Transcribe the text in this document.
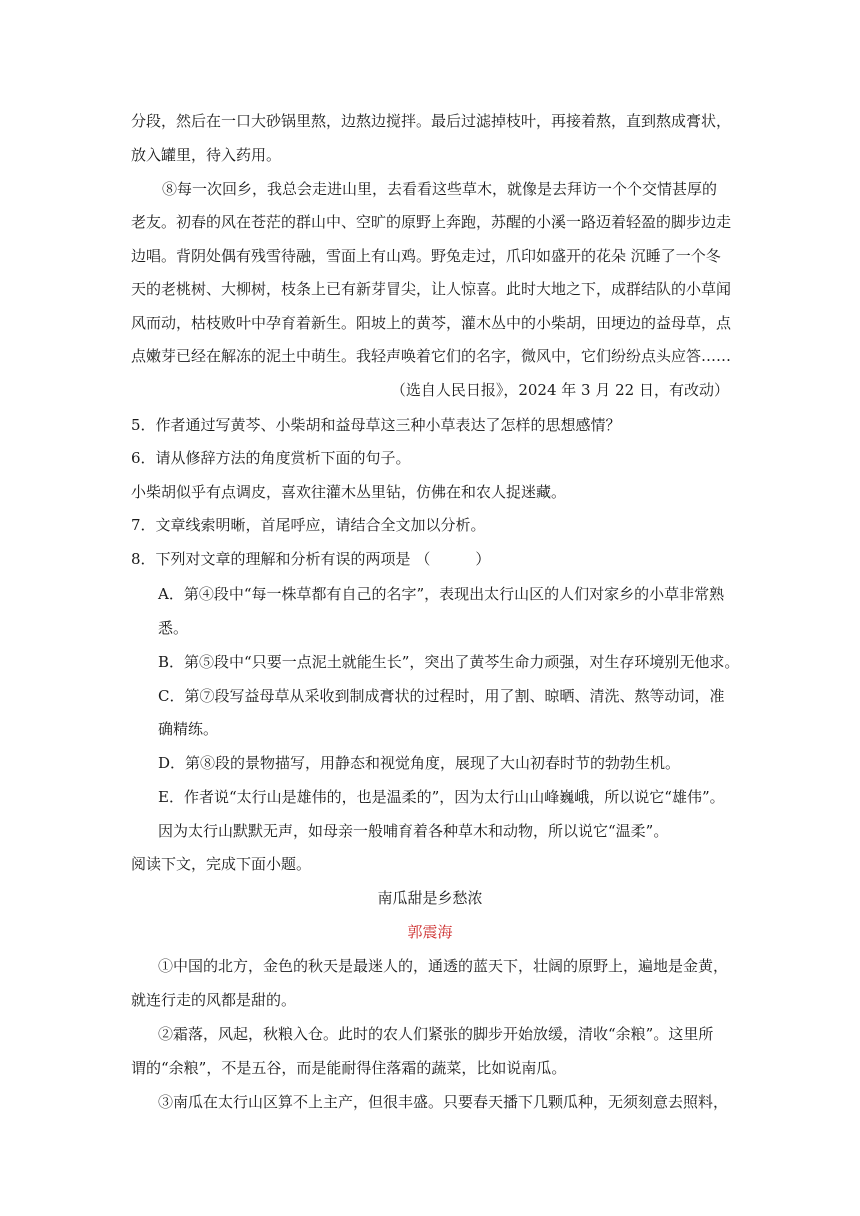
分段，然后在一口大砂锅里熬，边熬边搅拌。最后过滤掉枝叶，再接着熬，直到熬成膏状，

放入罐里，待入药用。

⑧每一次回乡，我总会走进山里，去看看这些草木，就像是去拜访一个个交情甚厚的

老友。初春的风在苍茫的群山中、空旷的原野上奔跑，苏醒的小溪一路迈着轻盈的脚步边走

边唱。背阴处偶有残雪待融，雪面上有山鸡。野兔走过，爪印如盛开的花朵 沉睡了一个冬

天的老桃树、大柳树，枝条上已有新芽冒尖，让人惊喜。此时大地之下，成群结队的小草闻

风而动，枯枝败叶中孕育着新生。阳坡上的黄芩，灌木丛中的小柴胡，田埂边的益母草，点

点嫩芽已经在解冻的泥土中萌生。我轻声唤着它们的名字，微风中，它们纷纷点头应答……

（选自人民日报》，2024 年 3 月 22 日，有改动）

5．作者通过写黄芩、小柴胡和益母草这三种小草表达了怎样的思想感情？

6．请从修辞方法的角度赏析下面的句子。

小柴胡似乎有点调皮，喜欢往灌木丛里钻，仿佛在和农人捉迷藏。

7．文章线索明晰，首尾呼应，请结合全文加以分析。

8．下列对文章的理解和分析有误的两项是 （　　　）

A．第④段中“每一株草都有自己的名字”，表现出太行山区的人们对家乡的小草非常熟

悉。

B．第⑤段中“只要一点泥土就能生长”，突出了黄芩生命力顽强，对生存环境别无他求。

C．第⑦段写益母草从采收到制成膏状的过程时，用了割、晾晒、清洗、熬等动词，准

确精练。

D．第⑧段的景物描写，用静态和视觉角度，展现了大山初春时节的勃勃生机。

E．作者说“太行山是雄伟的，也是温柔的”，因为太行山山峰巍峨，所以说它“雄伟”。

因为太行山默默无声，如母亲一般哺育着各种草木和动物，所以说它“温柔”。

阅读下文，完成下面小题。

南瓜甜是乡愁浓

郭震海

①中国的北方，金色的秋天是最迷人的，通透的蓝天下，壮阔的原野上，遍地是金黄，

就连行走的风都是甜的。

②霜落，风起，秋粮入仓。此时的农人们紧张的脚步开始放缓，清收“余粮”。这里所

谓的“余粮”，不是五谷，而是能耐得住落霜的蔬菜，比如说南瓜。

③南瓜在太行山区算不上主产，但很丰盛。只要春天播下几颗瓜种，无须刻意去照料，
